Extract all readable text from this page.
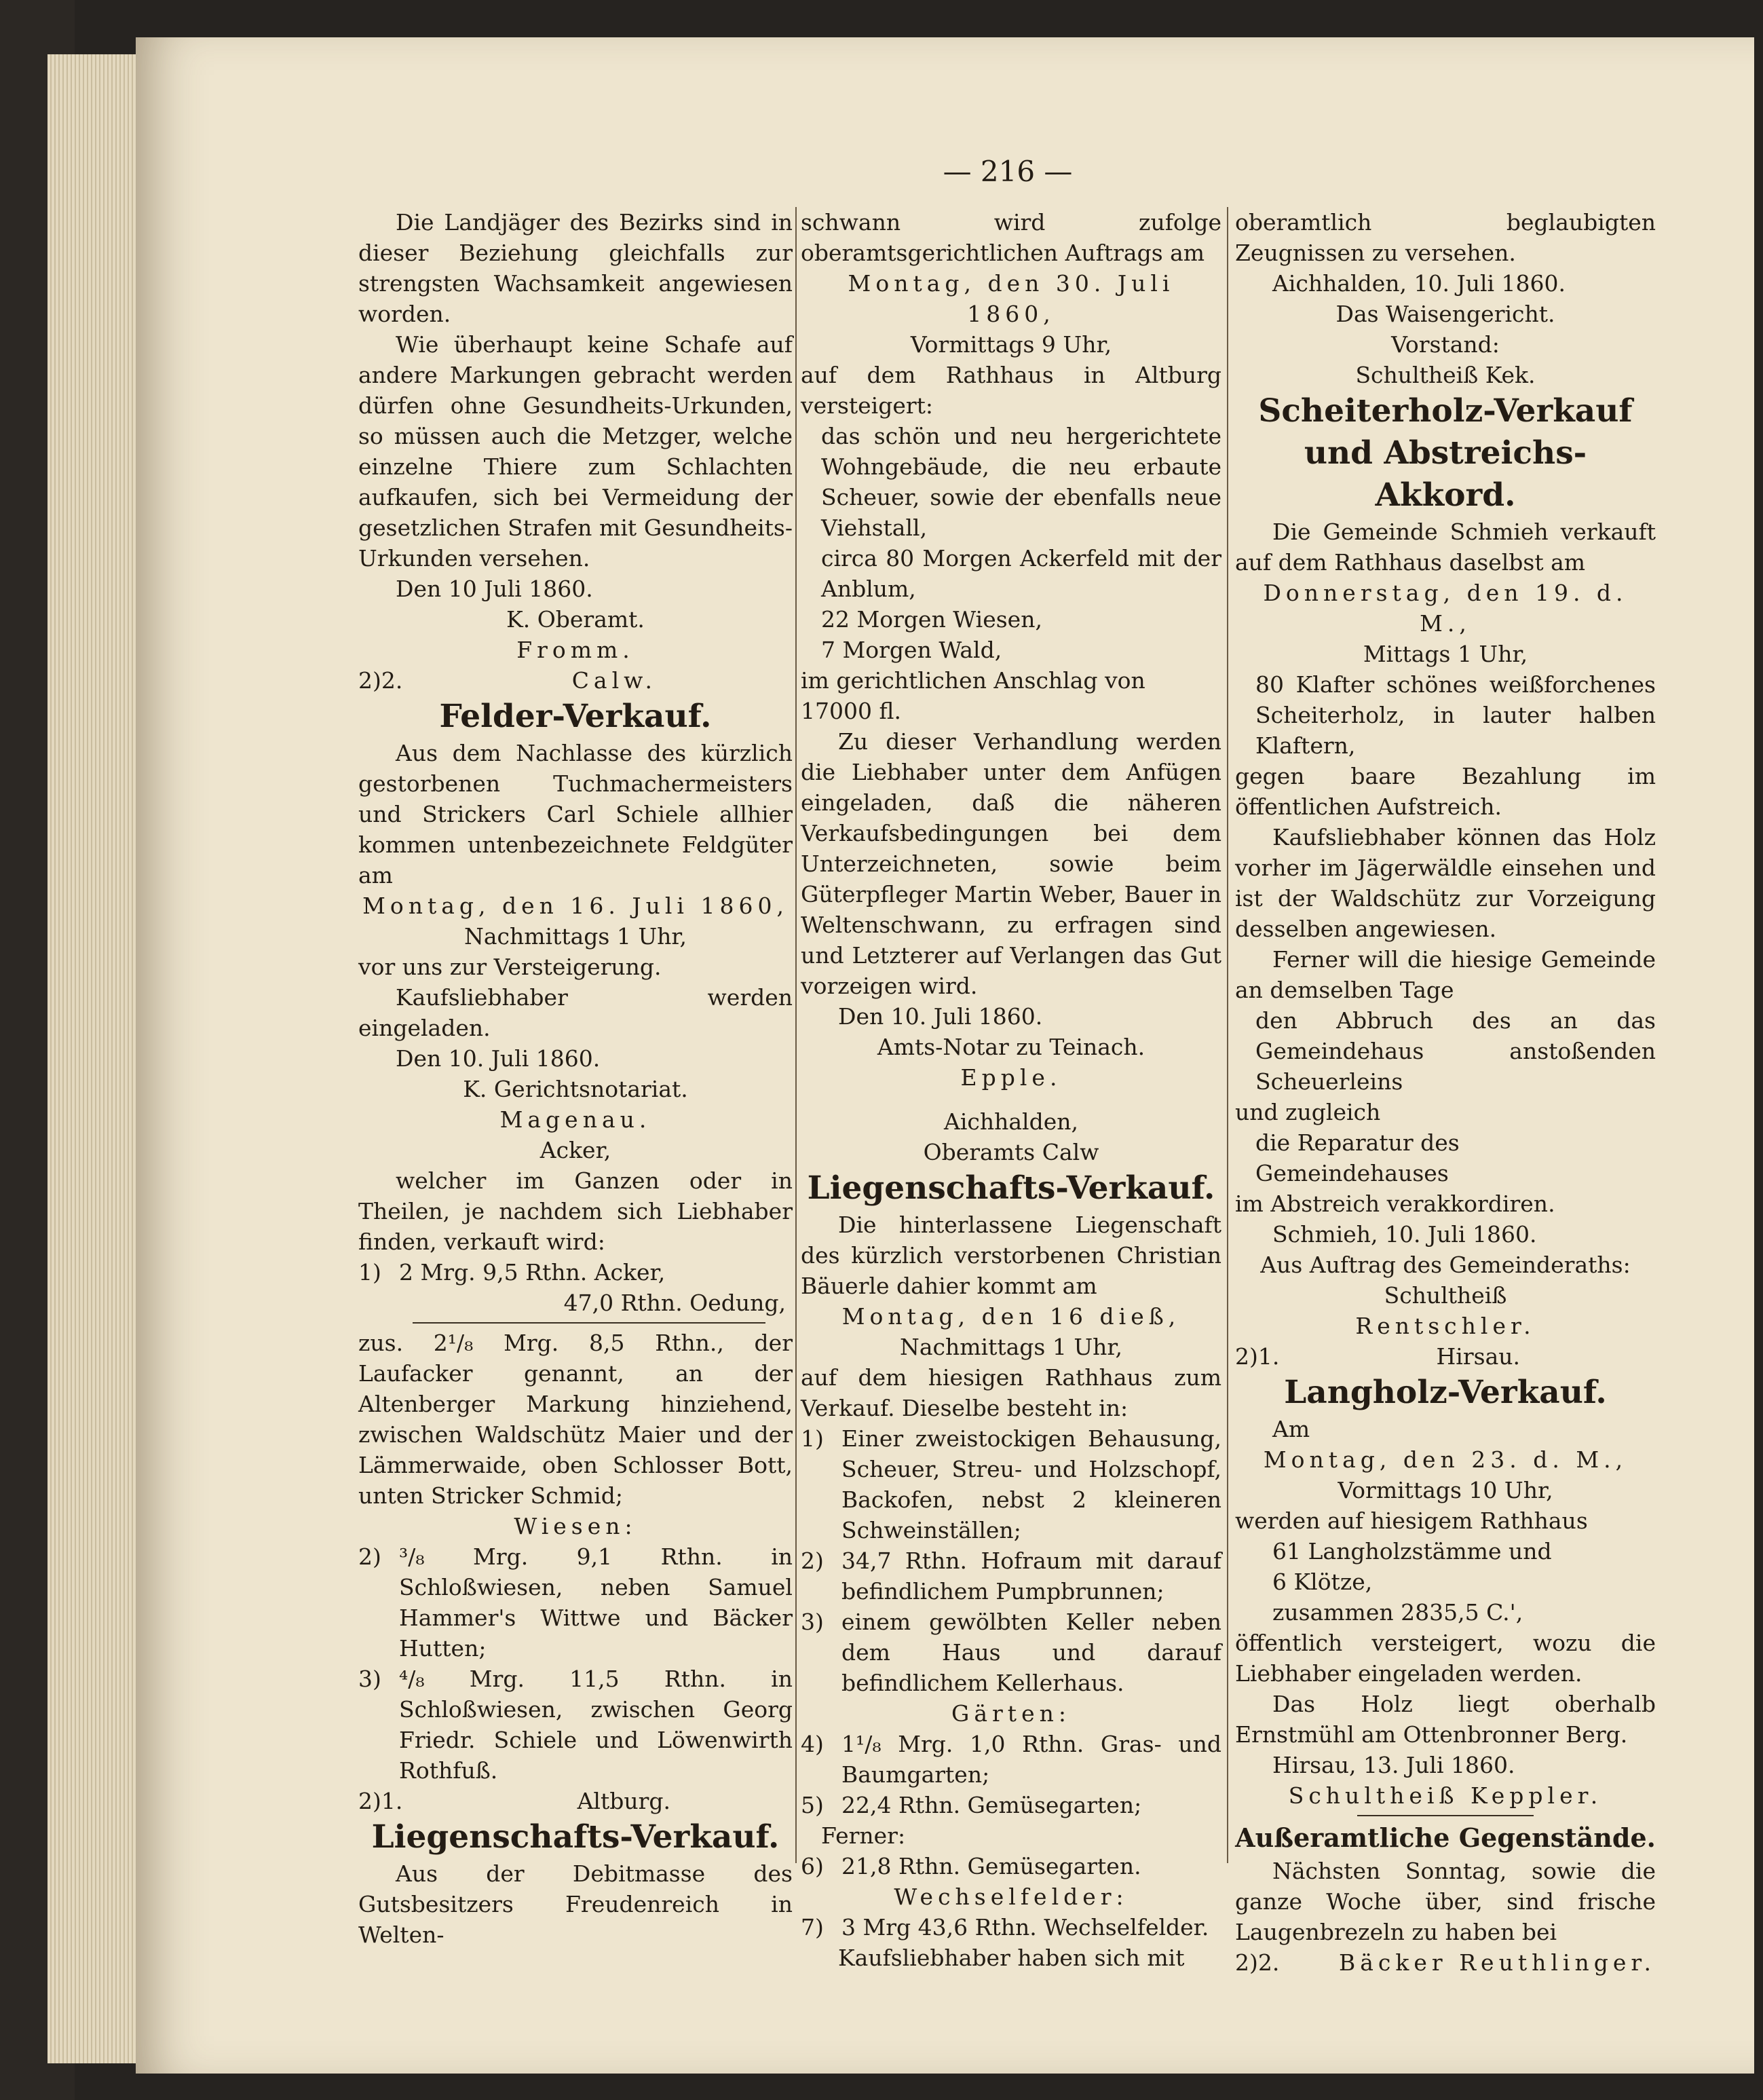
— 216 —
Die Landjäger des Bezirks sind in dieser Beziehung gleichfalls zur strengsten Wachsamkeit angewiesen worden.
Wie überhaupt keine Schafe auf andere Markungen gebracht werden dürfen ohne Gesundheits-Urkunden, so müssen auch die Metzger, welche einzelne Thiere zum Schlachten aufkaufen, sich bei Vermeidung der gesetzlichen Strafen mit Gesundheits-Urkunden versehen.
Den 10 Juli 1860.
K. Oberamt.
Fromm.
2)2.	Calw.
Felder-Verkauf.
Aus dem Nachlasse des kürzlich gestorbenen Tuchmachermeisters und Strickers Carl Schiele allhier kommen untenbezeichnete Feldgüter am
Montag, den 16. Juli 1860,
Nachmittags 1 Uhr,
vor uns zur Versteigerung.
Kaufsliebhaber werden eingeladen.
Den 10. Juli 1860.
K. Gerichtsnotariat.
Magenau.
Acker,
welcher im Ganzen oder in Theilen, je nachdem sich Liebhaber finden, verkauft wird:
1) 2 Mrg. 9,5 Rthn. Acker,
47,0 Rthn. Oedung,
zus. 2¹/₈ Mrg. 8,5 Rthn., der Laufacker genannt, an der Altenberger Markung hinziehend, zwischen Waldschütz Maier und der Lämmerwaide, oben Schlosser Bott, unten Stricker Schmid;
Wiesen:
2) ³/₈ Mrg. 9,1 Rthn. in Schloßwiesen, neben Samuel Hammer's Wittwe und Bäcker Hutten;
3) ⁴/₈ Mrg. 11,5 Rthn. in Schloßwiesen, zwischen Georg Friedr. Schiele und Löwenwirth Rothfuß.
2)1.	Altburg.
Liegenschafts-Verkauf.
Aus der Debitmasse des Gutsbesitzers Freudenreich in Welten-
schwann wird zufolge oberamtsgerichtlichen Auftrags am
Montag, den 30. Juli 1860,
Vormittags 9 Uhr,
auf dem Rathhaus in Altburg versteigert:
das schön und neu hergerichtete Wohngebäude, die neu erbaute Scheuer, sowie der ebenfalls neue Viehstall,
circa 80 Morgen Ackerfeld mit der Anblum,
22 Morgen Wiesen,
7 Morgen Wald,
im gerichtlichen Anschlag von 17000 fl.
Zu dieser Verhandlung werden die Liebhaber unter dem Anfügen eingeladen, daß die näheren Verkaufsbedingungen bei dem Unterzeichneten, sowie beim Güterpfleger Martin Weber, Bauer in Weltenschwann, zu erfragen sind und Letzterer auf Verlangen das Gut vorzeigen wird.
Den 10. Juli 1860.
Amts-Notar zu Teinach.
Epple.
Aichhalden,
Oberamts Calw
Liegenschafts-Verkauf.
Die hinterlassene Liegenschaft des kürzlich verstorbenen Christian Bäuerle dahier kommt am
Montag, den 16 dieß,
Nachmittags 1 Uhr,
auf dem hiesigen Rathhaus zum Verkauf. Dieselbe besteht in:
1) Einer zweistockigen Behausung, Scheuer, Streu- und Holzschopf, Backofen, nebst 2 kleineren Schweinställen;
2) 34,7 Rthn. Hofraum mit darauf befindlichem Pumpbrunnen;
3) einem gewölbten Keller neben dem Haus und darauf befindlichem Kellerhaus.
Gärten:
4) 1¹/₈ Mrg. 1,0 Rthn. Gras- und Baumgarten;
5) 22,4 Rthn. Gemüsegarten;
Ferner:
6) 21,8 Rthn. Gemüsegarten.
Wechselfelder:
7) 3 Mrg 43,6 Rthn. Wechselfelder.
Kaufsliebhaber haben sich mit
oberamtlich beglaubigten Zeugnissen zu versehen.
Aichhalden, 10. Juli 1860.
Das Waisengericht.
Vorstand:
Schultheiß Kek.
Scheiterholz-Verkauf und Abstreichs-Akkord.
Die Gemeinde Schmieh verkauft auf dem Rathhaus daselbst am
Donnerstag, den 19. d. M.,
Mittags 1 Uhr,
80 Klafter schönes weißforchenes Scheiterholz, in lauter halben Klaftern,
gegen baare Bezahlung im öffentlichen Aufstreich.
Kaufsliebhaber können das Holz vorher im Jägerwäldle einsehen und ist der Waldschütz zur Vorzeigung desselben angewiesen.
Ferner will die hiesige Gemeinde an demselben Tage
den Abbruch des an das Gemeindehaus anstoßenden Scheuerleins
und zugleich
die Reparatur des Gemeindehauses
im Abstreich verakkordiren.
Schmieh, 10. Juli 1860.
Aus Auftrag des Gemeinderaths:
Schultheiß
Rentschler.
2)1.	Hirsau.
Langholz-Verkauf.
Am
Montag, den 23. d. M.,
Vormittags 10 Uhr,
werden auf hiesigem Rathhaus
61 Langholzstämme und
6 Klötze,
zusammen 2835,5 C.',
öffentlich versteigert, wozu die Liebhaber eingeladen werden.
Das Holz liegt oberhalb Ernstmühl am Ottenbronner Berg.
Hirsau, 13. Juli 1860.
Schultheiß Keppler.
Außeramtliche Gegenstände.
Nächsten Sonntag, sowie die ganze Woche über, sind frische Laugenbrezeln zu haben bei
2)2.	Bäcker Reuthlinger.
